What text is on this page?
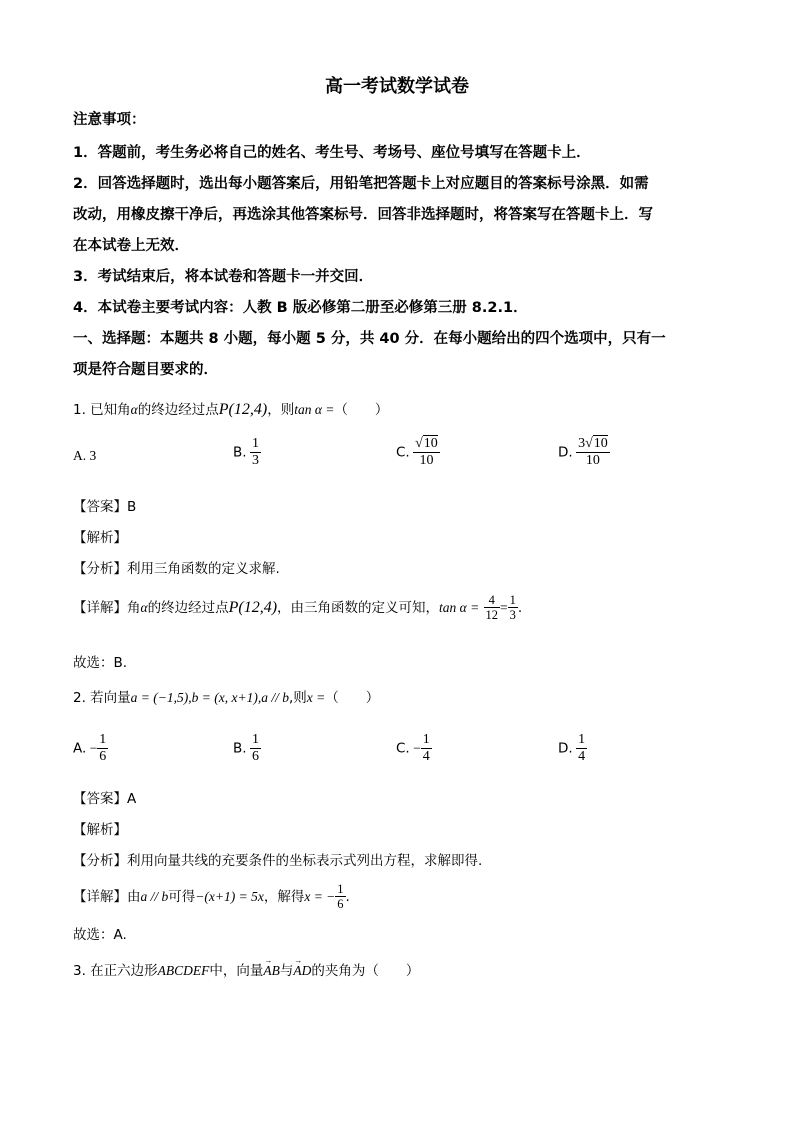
高一考试数学试卷
注意事项：
1．答题前，考生务必将自己的姓名、考生号、考场号、座位号填写在答题卡上．
2．回答选择题时，选出每小题答案后，用铅笔把答题卡上对应题目的答案标号涂黑．如需
改动，用橡皮擦干净后，再选涂其他答案标号．回答非选择题时，将答案写在答题卡上．写
在本试卷上无效．
3．考试结束后，将本试卷和答题卡一并交回．
4．本试卷主要考试内容：人教 B 版必修第二册至必修第三册 8.2.1．
一、选择题：本题共 8 小题，每小题 5 分，共 40 分．在每小题给出的四个选项中，只有一
项是符合题目要求的．
1. 已知角α的终边经过点P(12,4)，则tan α =（　　）
A. 3	B. $\frac{1}{3}$	C. $\frac{√10}{10}$	D. $\frac{3√10}{10}$
【答案】B
【解析】
【分析】利用三角函数的定义求解.
【详解】角α的终边经过点P(12,4)，由三角函数的定义可知，$\tan \alpha = \frac{4}{12} = \frac{1}{3}$ .
故选：B.
2. 若向量a = (−1,5),b = (x, x+1),a // b,则x =（　　）
A. − $\frac{1}{6}$	B. $\frac{1}{6}$	C. − $\frac{1}{4}$	D. $\frac{1}{4}$
【答案】A
【解析】
【分析】利用向量共线的充要条件的坐标表示式列出方程，求解即得.
【详解】由a // b可得−(x+1) = 5x，解得x = − $\frac{1}{6}$ .
故选：A.
3. 在正六边形ABCDEF中，向量
→
AB与
→
AD的夹角为（　　）
